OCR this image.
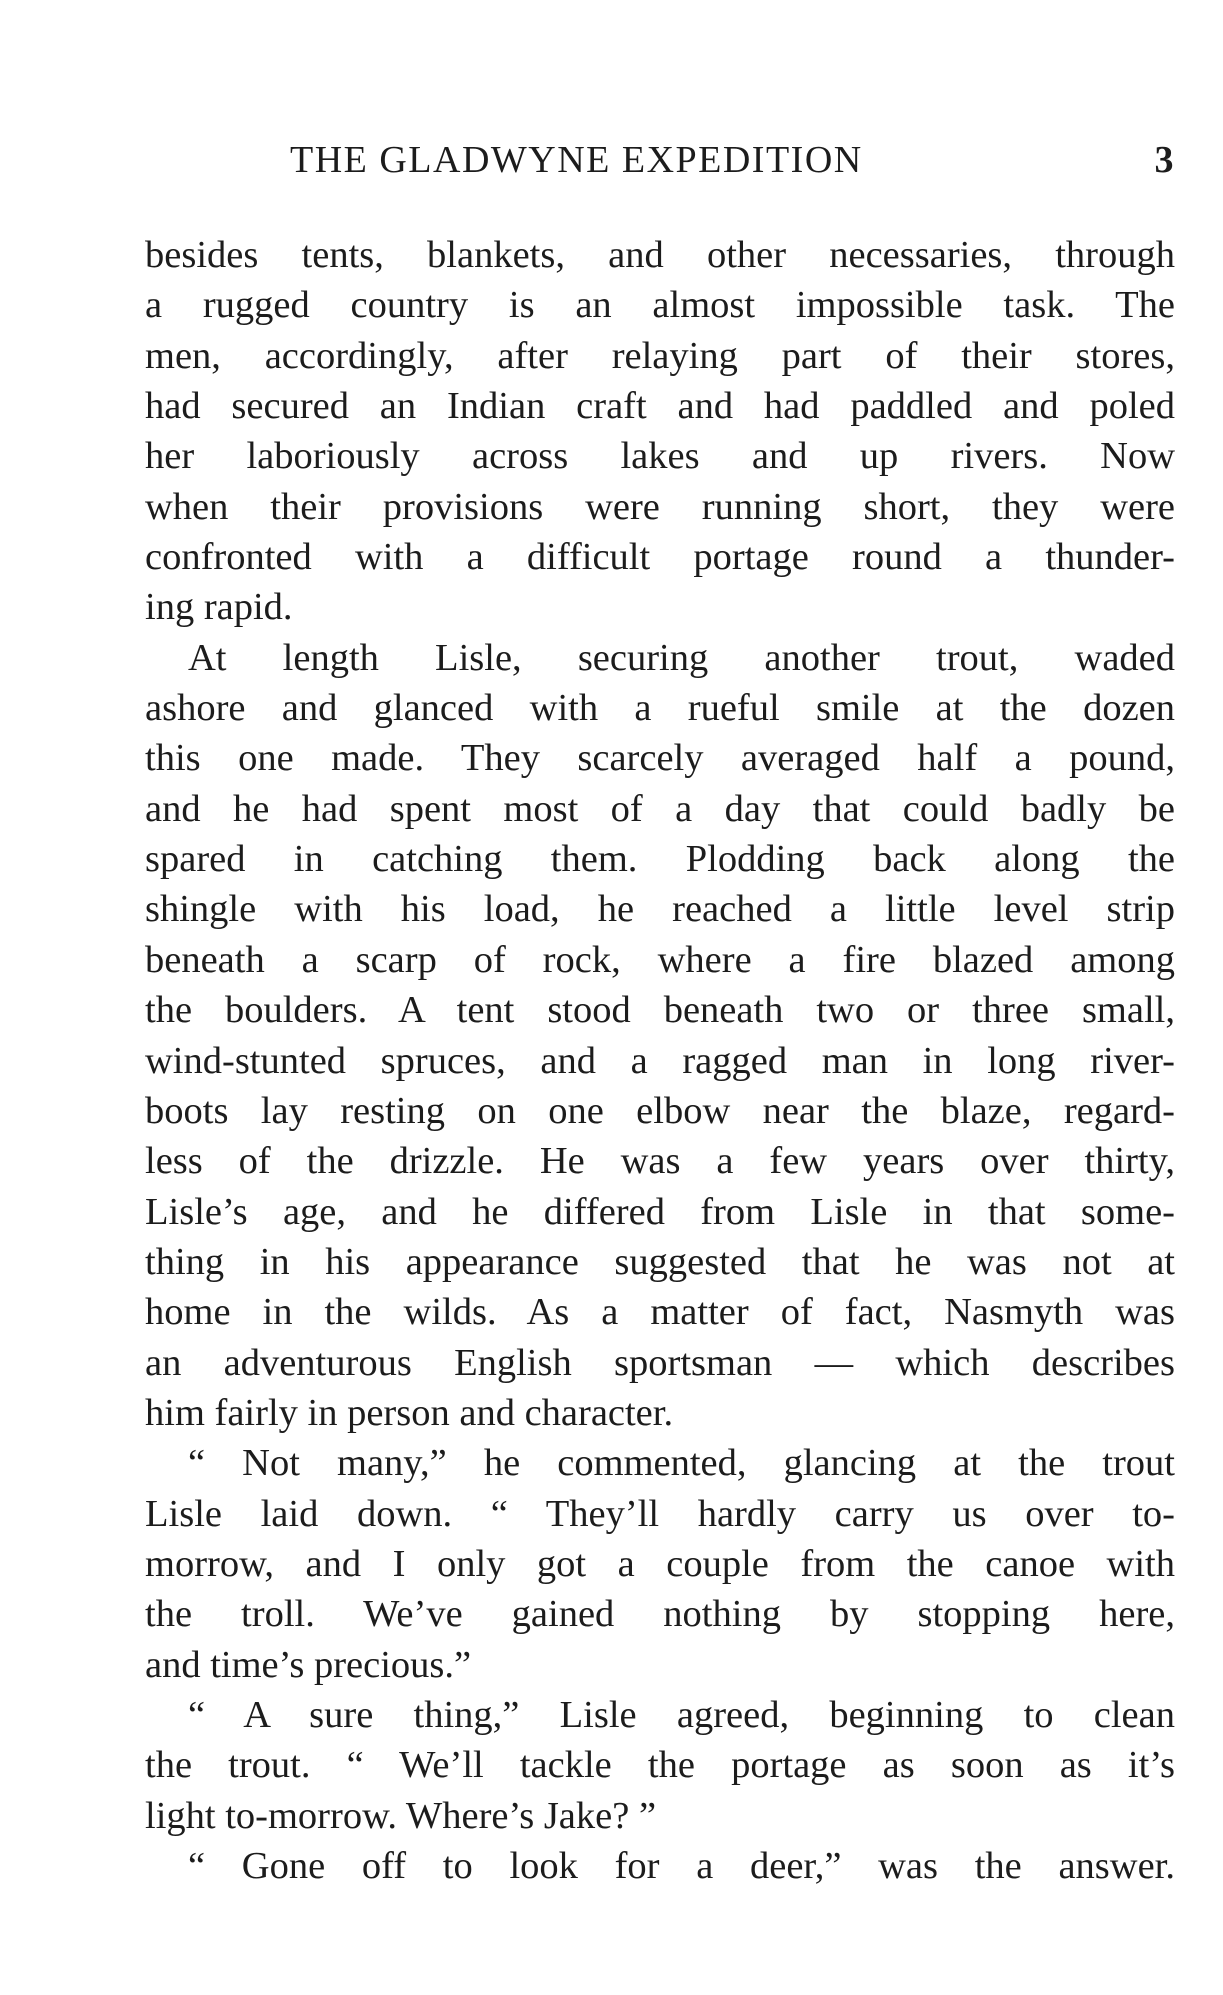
THE GLADWYNE EXPEDITION	3
besides tents, blankets, and other necessaries, through
a rugged country is an almost impossible task. The
men, accordingly, after relaying part of their stores,
had secured an Indian craft and had paddled and poled
her laboriously across lakes and up rivers. Now
when their provisions were running short, they were
confronted with a difficult portage round a thunder-
ing rapid.
At length Lisle, securing another trout, waded
ashore and glanced with a rueful smile at the dozen
this one made. They scarcely averaged half a pound,
and he had spent most of a day that could badly be
spared in catching them. Plodding back along the
shingle with his load, he reached a little level strip
beneath a scarp of rock, where a fire blazed among
the boulders. A tent stood beneath two or three small,
wind-stunted spruces, and a ragged man in long river-
boots lay resting on one elbow near the blaze, regard-
less of the drizzle. He was a few years over thirty,
Lisle’s age, and he differed from Lisle in that some-
thing in his appearance suggested that he was not at
home in the wilds. As a matter of fact, Nasmyth was
an adventurous English sportsman — which describes
him fairly in person and character.
“ Not many,” he commented, glancing at the trout
Lisle laid down. “ They’ll hardly carry us over to-
morrow, and I only got a couple from the canoe with
the troll. We’ve gained nothing by stopping here,
and time’s precious.”
“ A sure thing,” Lisle agreed, beginning to clean
the trout. “ We’ll tackle the portage as soon as it’s
light to-morrow. Where’s Jake? ”
“ Gone off to look for a deer,” was the answer.
